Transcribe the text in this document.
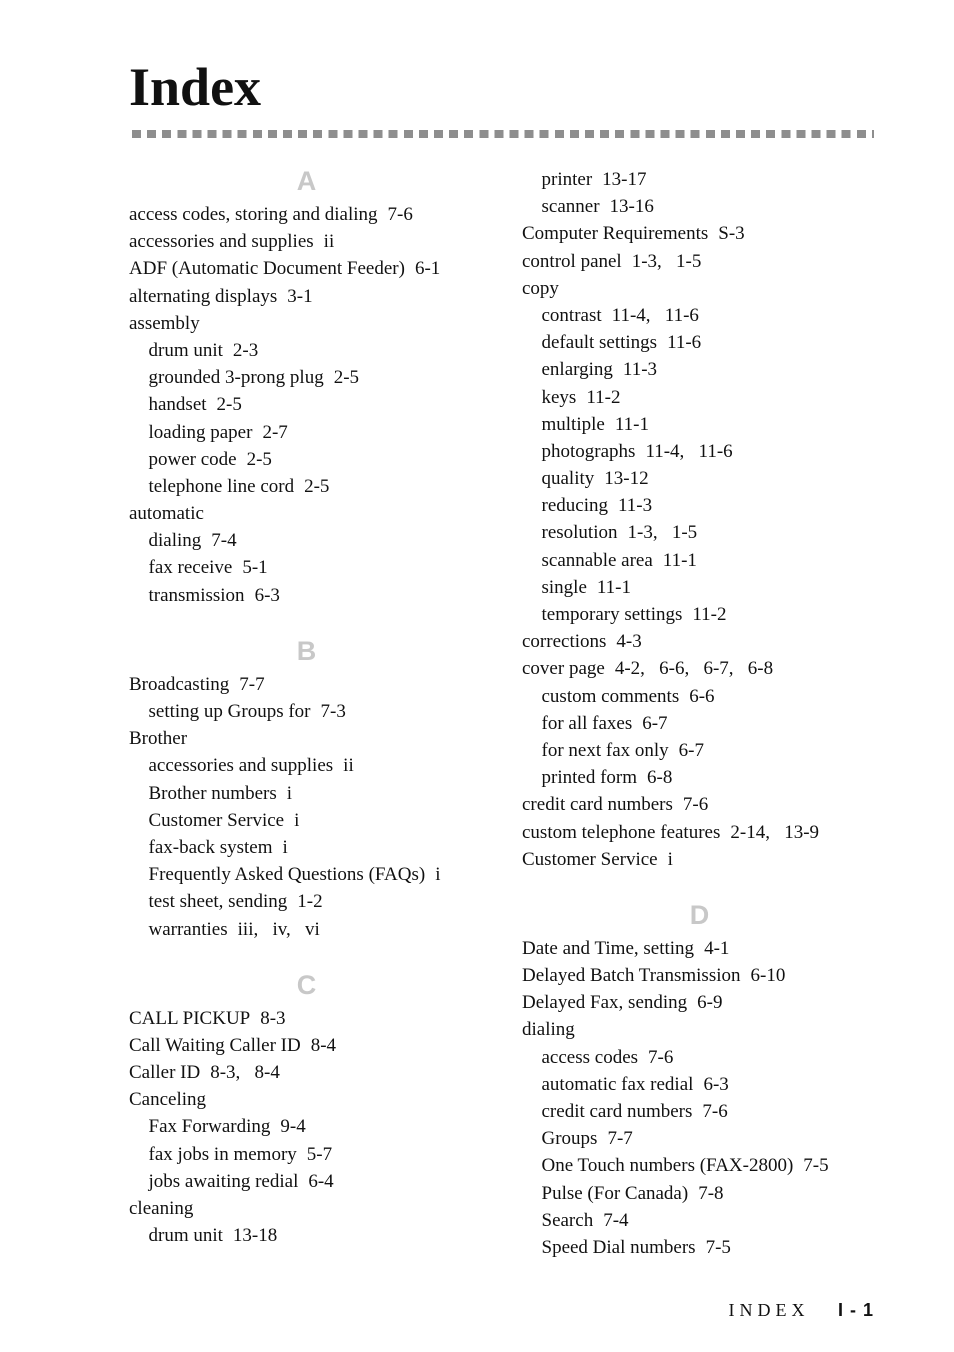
Index
A
access codes, storing and dialing 7-6
accessories and supplies ii
ADF (Automatic Document Feeder) 6-1
alternating displays 3-1
assembly
drum unit 2-3
grounded 3-prong plug 2-5
handset 2-5
loading paper 2-7
power code 2-5
telephone line cord 2-5
automatic
dialing 7-4
fax receive 5-1
transmission 6-3
B
Broadcasting 7-7
setting up Groups for 7-3
Brother
accessories and supplies ii
Brother numbers i
Customer Service i
fax-back system i
Frequently Asked Questions (FAQs) i
test sheet, sending 1-2
warranties iii,   iv,   vi
C
CALL PICKUP 8-3
Call Waiting Caller ID 8-4
Caller ID 8-3,   8-4
Canceling
Fax Forwarding 9-4
fax jobs in memory 5-7
jobs awaiting redial 6-4
cleaning
drum unit 13-18
printer 13-17
scanner 13-16
Computer Requirements S-3
control panel 1-3,   1-5
copy
contrast 11-4,   11-6
default settings 11-6
enlarging 11-3
keys 11-2
multiple 11-1
photographs 11-4,   11-6
quality 13-12
reducing 11-3
resolution 1-3,   1-5
scannable area 11-1
single 11-1
temporary settings 11-2
corrections 4-3
cover page 4-2,   6-6,   6-7,   6-8
custom comments 6-6
for all faxes 6-7
for next fax only 6-7
printed form 6-8
credit card numbers 7-6
custom telephone features 2-14,   13-9
Customer Service i
D
Date and Time, setting 4-1
Delayed Batch Transmission 6-10
Delayed Fax, sending 6-9
dialing
access codes 7-6
automatic fax redial 6-3
credit card numbers 7-6
Groups 7-7
One Touch numbers (FAX-2800) 7-5
Pulse (For Canada) 7-8
Search 7-4
Speed Dial numbers 7-5
INDEX I - 1
